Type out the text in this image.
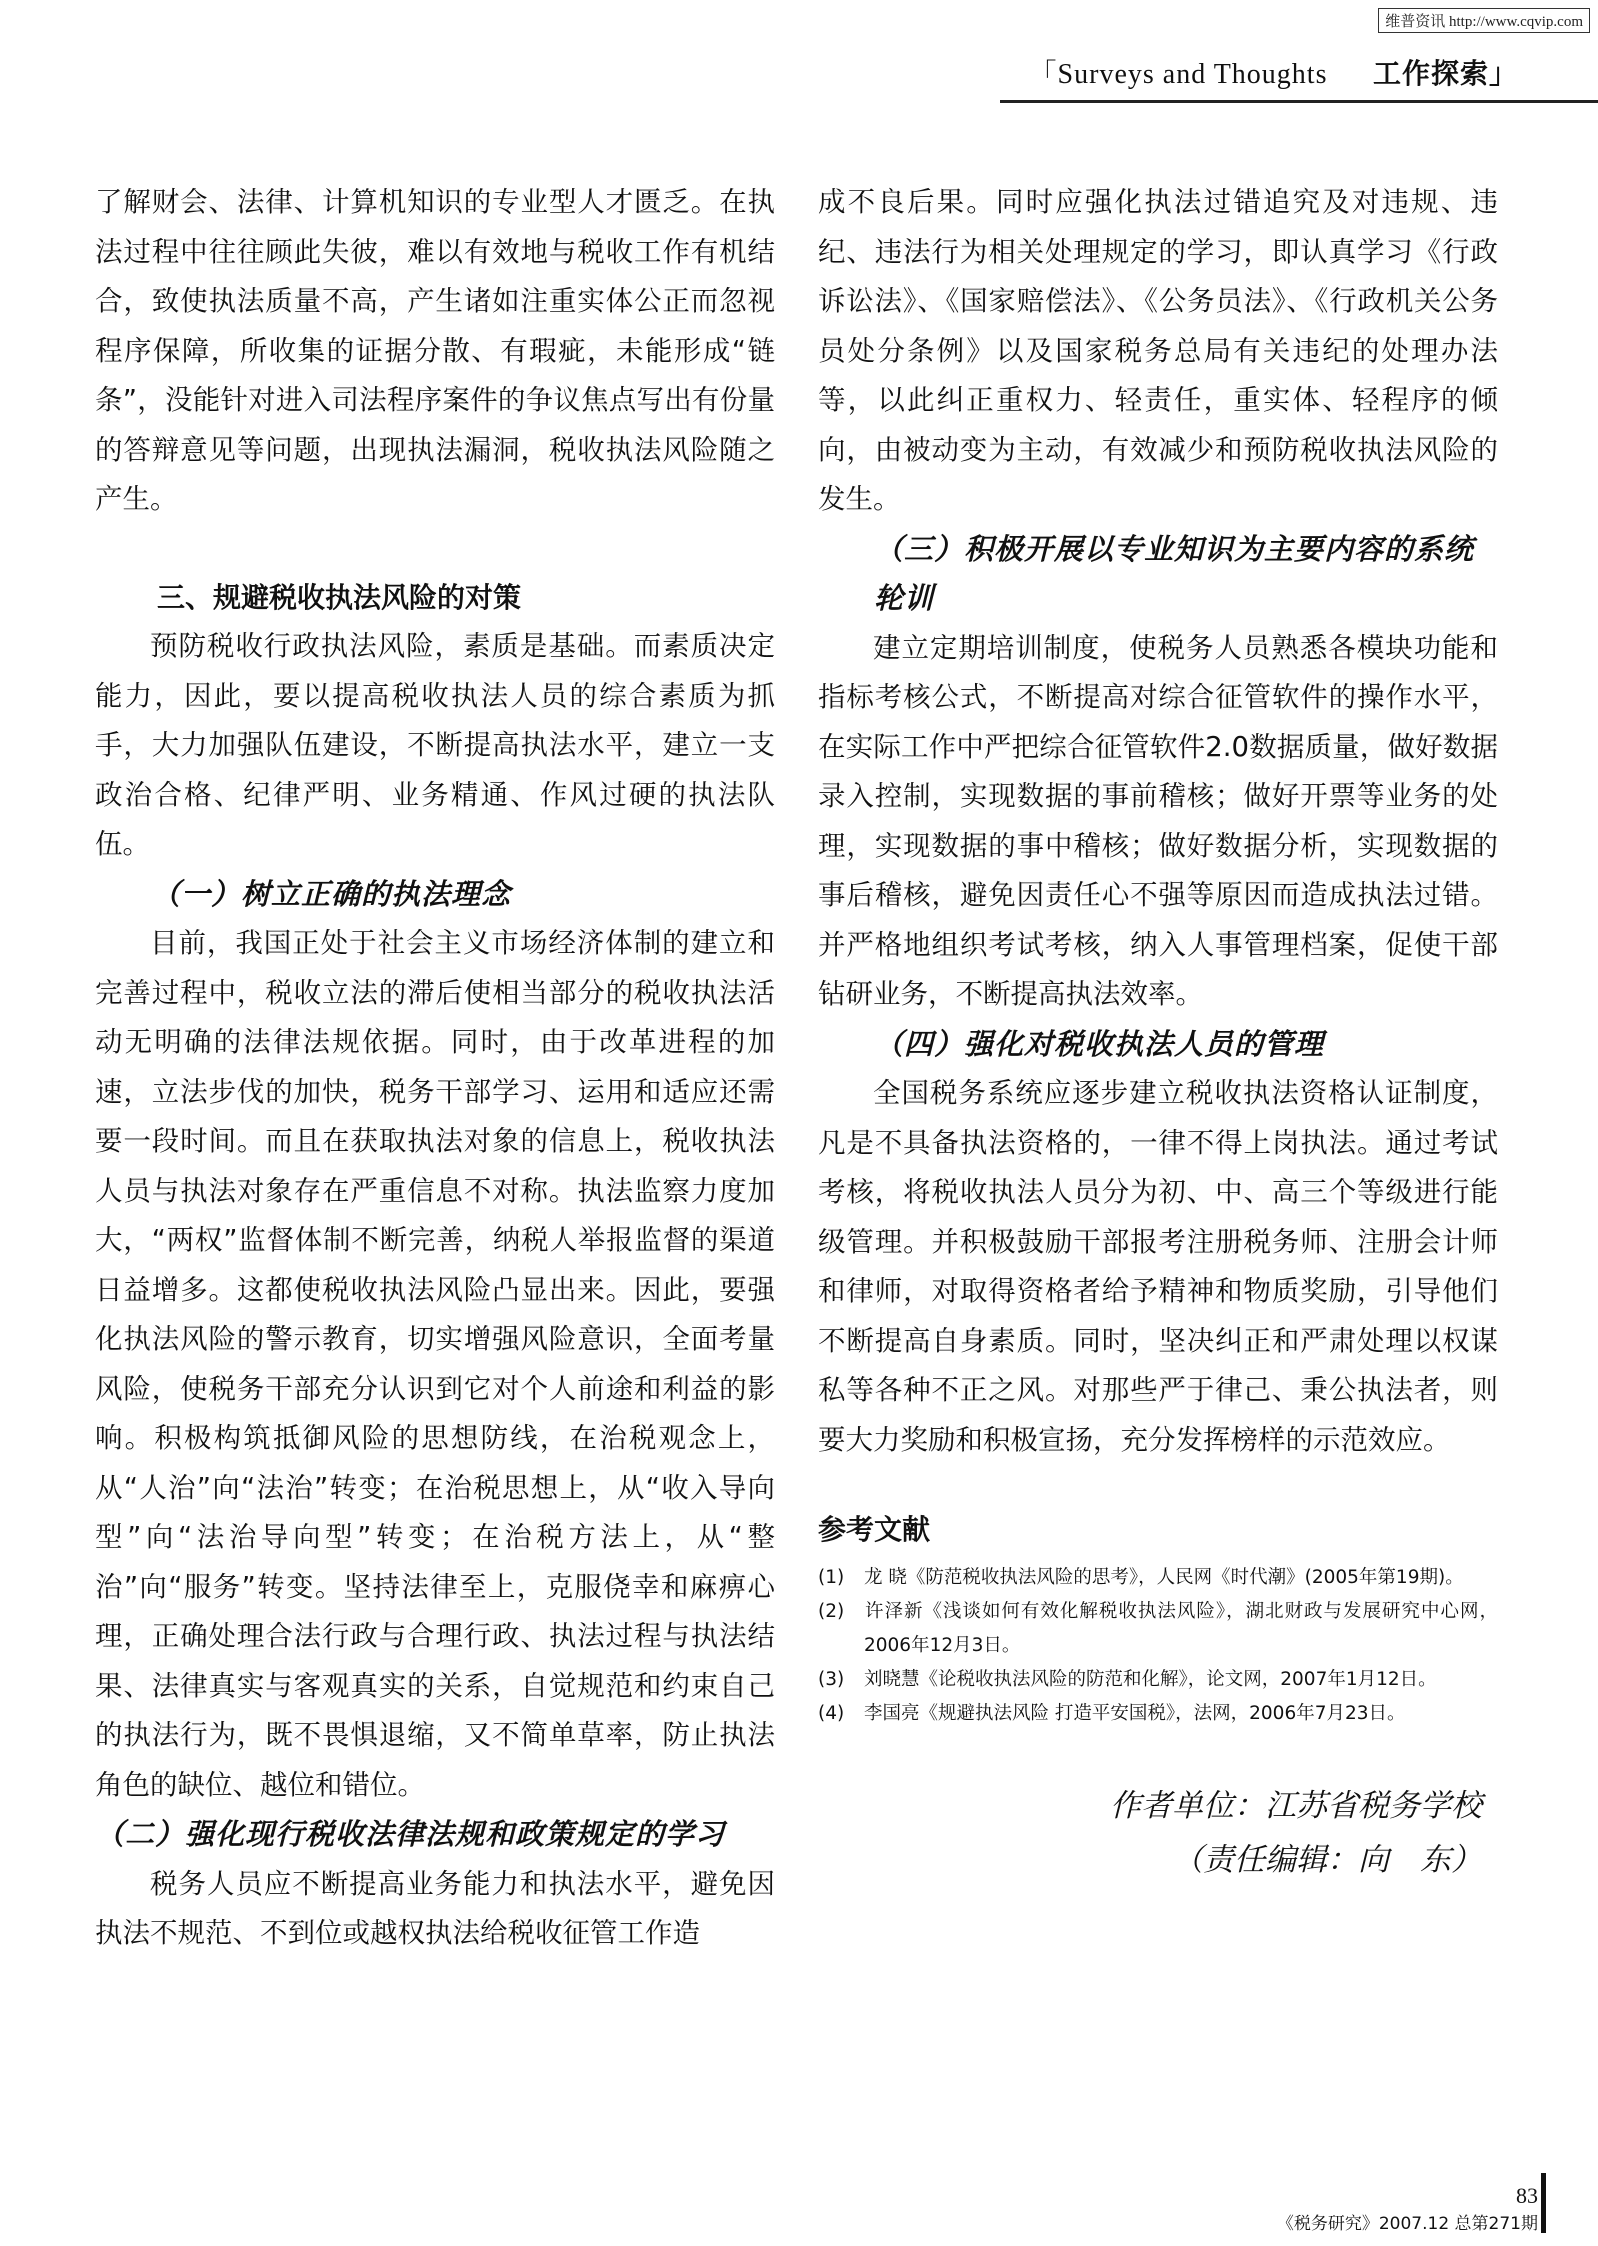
维普资讯 http://www.cqvip.com
「Surveys and Thoughts 工作探索」

了解财会、法律、计算机知识的专业型人才匮乏。在执法过程中往往顾此失彼，难以有效地与税收工作有机结合，致使执法质量不高，产生诸如注重实体公正而忽视程序保障，所收集的证据分散、有瑕疵，未能形成“链条”，没能针对进入司法程序案件的争议焦点写出有份量的答辩意见等问题，出现执法漏洞，税收执法风险随之产生。

三、规避税收执法风险的对策

预防税收行政执法风险，素质是基础。而素质决定能力，因此，要以提高税收执法人员的综合素质为抓手，大力加强队伍建设，不断提高执法水平，建立一支政治合格、纪律严明、业务精通、作风过硬的执法队伍。

（一）树立正确的执法理念

目前，我国正处于社会主义市场经济体制的建立和完善过程中，税收立法的滞后使相当部分的税收执法活动无明确的法律法规依据。同时，由于改革进程的加速，立法步伐的加快，税务干部学习、运用和适应还需要一段时间。而且在获取执法对象的信息上，税收执法人员与执法对象存在严重信息不对称。执法监察力度加大，“两权”监督体制不断完善，纳税人举报监督的渠道日益增多。这都使税收执法风险凸显出来。因此，要强化执法风险的警示教育，切实增强风险意识，全面考量风险，使税务干部充分认识到它对个人前途和利益的影响。积极构筑抵御风险的思想防线，在治税观念上，从“人治”向“法治”转变；在治税思想上，从“收入导向型”向“法治导向型”转变；在治税方法上，从“整治”向“服务”转变。坚持法律至上，克服侥幸和麻痹心理，正确处理合法行政与合理行政、执法过程与执法结果、法律真实与客观真实的关系，自觉规范和约束自己的执法行为，既不畏惧退缩，又不简单草率，防止执法角色的缺位、越位和错位。

（二）强化现行税收法律法规和政策规定的学习

税务人员应不断提高业务能力和执法水平，避免因执法不规范、不到位或越权执法给税收征管工作造

成不良后果。同时应强化执法过错追究及对违规、违纪、违法行为相关处理规定的学习，即认真学习《行政诉讼法》、《国家赔偿法》、《公务员法》、《行政机关公务员处分条例》以及国家税务总局有关违纪的处理办法等，以此纠正重权力、轻责任，重实体、轻程序的倾向，由被动变为主动，有效减少和预防税收执法风险的发生。

（三）积极开展以专业知识为主要内容的系统轮训

建立定期培训制度，使税务人员熟悉各模块功能和指标考核公式，不断提高对综合征管软件的操作水平，在实际工作中严把综合征管软件2.0数据质量，做好数据录入控制，实现数据的事前稽核；做好开票等业务的处理，实现数据的事中稽核；做好数据分析，实现数据的事后稽核，避免因责任心不强等原因而造成执法过错。并严格地组织考试考核，纳入人事管理档案，促使干部钻研业务，不断提高执法效率。

（四）强化对税收执法人员的管理

全国税务系统应逐步建立税收执法资格认证制度，凡是不具备执法资格的，一律不得上岗执法。通过考试考核，将税收执法人员分为初、中、高三个等级进行能级管理。并积极鼓励干部报考注册税务师、注册会计师和律师，对取得资格者给予精神和物质奖励，引导他们不断提高自身素质。同时，坚决纠正和严肃处理以权谋私等各种不正之风。对那些严于律己、秉公执法者，则要大力奖励和积极宣扬，充分发挥榜样的示范效应。

参考文献
(1) 龙 晓《防范税收执法风险的思考》，人民网《时代潮》(2005年第19期)。
(2) 许泽新《浅谈如何有效化解税收执法风险》，湖北财政与发展研究中心网，2006年12月3日。
(3) 刘晓慧《论税收执法风险的防范和化解》，论文网，2007年1月12日。
(4) 李国亮《规避执法风险 打造平安国税》，法网，2006年7月23日。
作者单位：江苏省税务学校
（责任编辑：向　东）
83
《税务研究》2007.12 总第271期
